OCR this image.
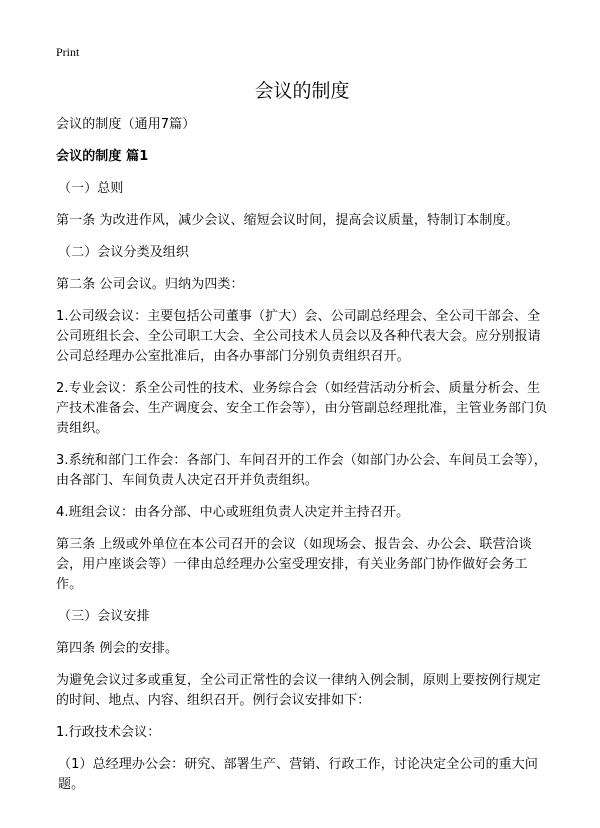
Print
会议的制度

会议的制度（通用7篇）

会议的制度 篇1

（一）总则

第一条 为改进作风，减少会议、缩短会议时间，提高会议质量，特制订本制度。

（二）会议分类及组织

第二条 公司会议。归纳为四类：

1.公司级会议：主要包括公司董事（扩大）会、公司副总经理会、全公司干部会、全公司班组长会、全公司职工大会、全公司技术人员会以及各种代表大会。应分别报请公司总经理办公室批准后，由各办事部门分别负责组织召开。

2.专业会议：系全公司性的技术、业务综合会（如经营活动分析会、质量分析会、生产技术准备会、生产调度会、安全工作会等），由分管副总经理批准，主管业务部门负责组织。

3.系统和部门工作会：各部门、车间召开的工作会（如部门办公会、车间员工会等），由各部门、车间负责人决定召开并负责组织。

4.班组会议：由各分部、中心或班组负责人决定并主持召开。

第三条 上级或外单位在本公司召开的会议（如现场会、报告会、办公会、联营洽谈会，用户座谈会等）一律由总经理办公室受理安排，有关业务部门协作做好会务工作。

（三）会议安排

第四条 例会的安排。

为避免会议过多或重复，全公司正常性的会议一律纳入例会制，原则上要按例行规定的时间、地点、内容、组织召开。例行会议安排如下：

1.行政技术会议：

（1）总经理办公会：研究、部署生产、营销、行政工作，讨论决定全公司的重大问题。
